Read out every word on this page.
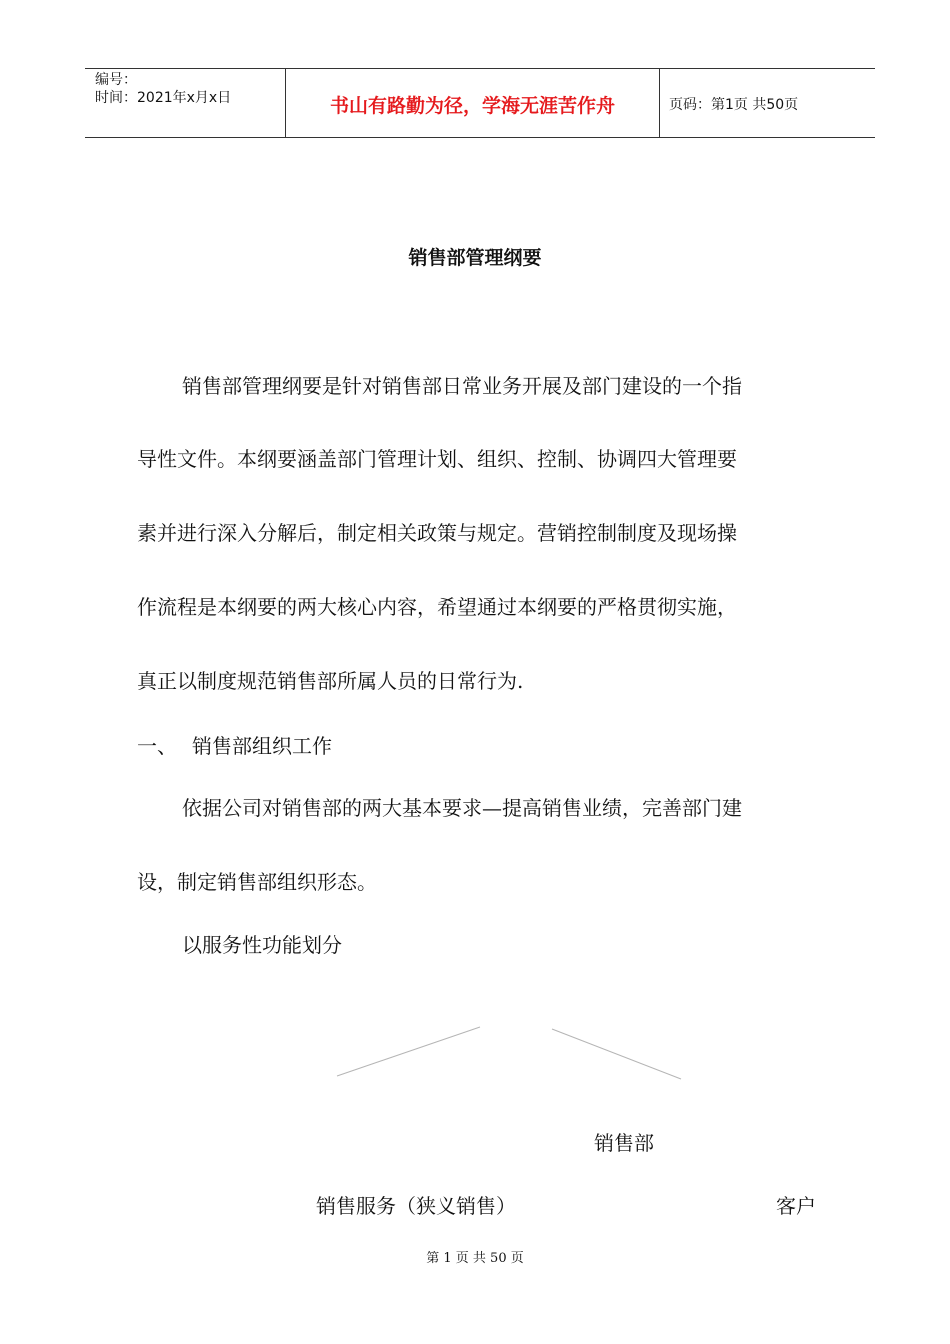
编号：
时间：2021年x月x日	书山有路勤为径，学海无涯苦作舟	页码：第1页 共50页
销售部管理纲要
销售部管理纲要是针对销售部日常业务开展及部门建设的一个指
导性文件。本纲要涵盖部门管理计划、组织、控制、协调四大管理要
素并进行深入分解后，制定相关政策与规定。营销控制制度及现场操
作流程是本纲要的两大核心内容，希望通过本纲要的严格贯彻实施，
真正以制度规范销售部所属人员的日常行为.
一、 销售部组织工作
依据公司对销售部的两大基本要求—提高销售业绩，完善部门建
设，制定销售部组织形态。
以服务性功能划分
销售部
销售服务（狭义销售）	客户
第 1 页 共 50 页
